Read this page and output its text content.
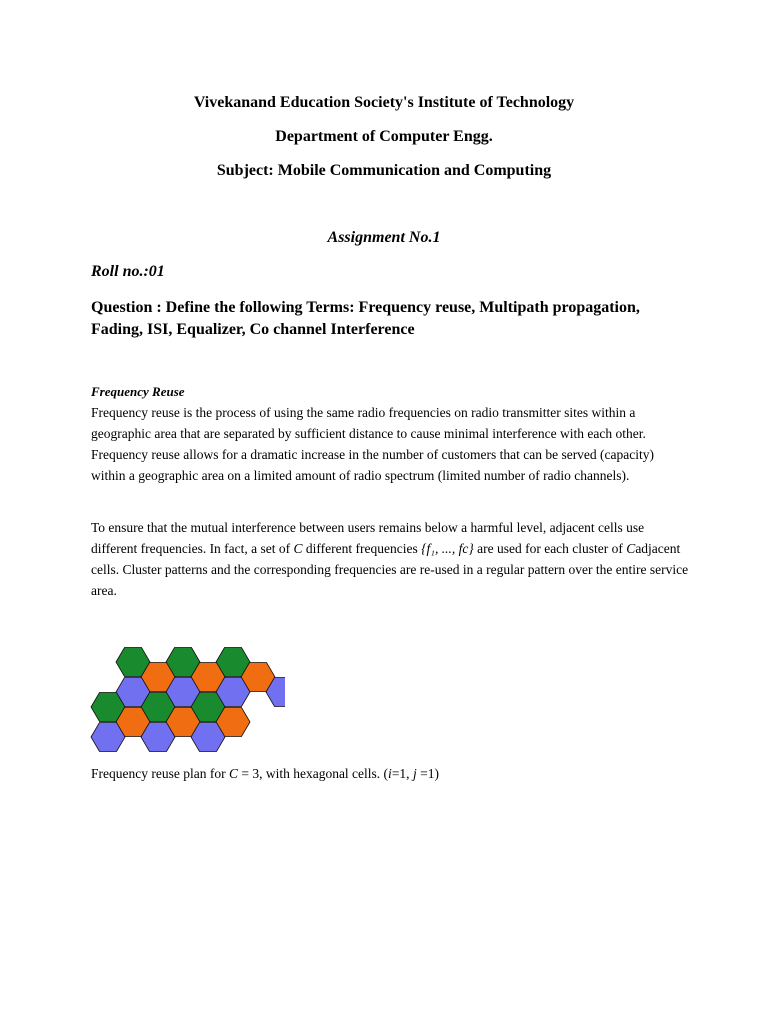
Vivekanand Education Society's Institute of Technology
Department of Computer Engg.
Subject: Mobile Communication and Computing
Assignment No.1
Roll no.:01
Question : Define the following Terms: Frequency reuse, Multipath propagation, Fading, ISI, Equalizer, Co channel Interference
Frequency Reuse
Frequency reuse is the process of using the same radio frequencies on radio transmitter sites within a geographic area that are separated by sufficient distance to cause minimal interference with each other. Frequency reuse allows for a dramatic increase in the number of customers that can be served (capacity) within a geographic area on a limited amount of radio spectrum (limited number of radio channels).
To ensure that the mutual interference between users remains below a harmful level, adjacent cells use different frequencies. In fact, a set of C different frequencies {f₁, ..., fc} are used for each cluster of Cadjacent cells. Cluster patterns and the corresponding frequencies are re-used in a regular pattern over the entire service area.
Frequency reuse plan for C = 3, with hexagonal cells. (i=1, j =1)
